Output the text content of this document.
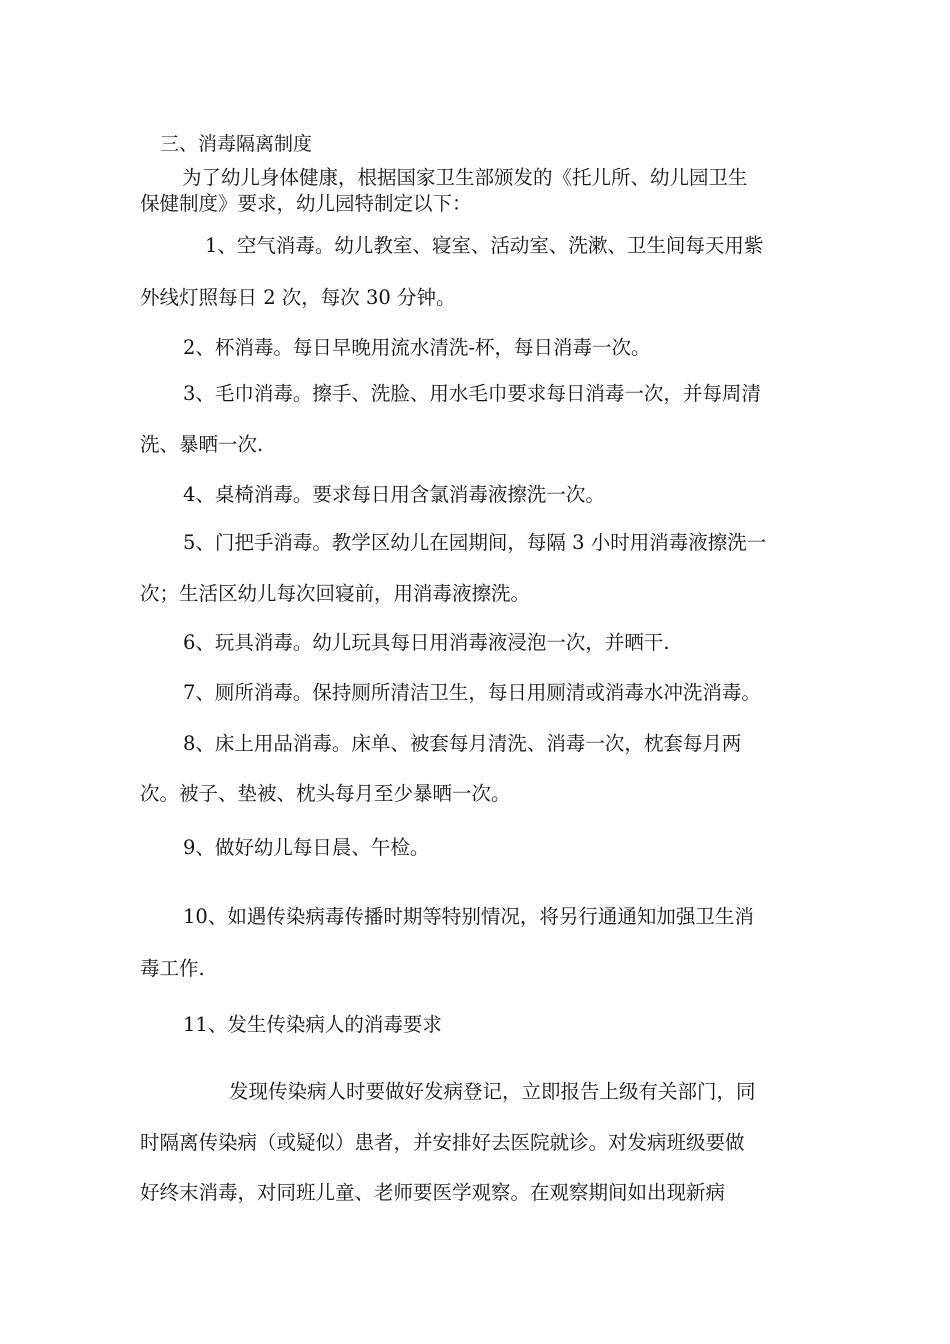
三、消毒隔离制度

为了幼儿身体健康，根据国家卫生部颁发的《托儿所、幼儿园卫生

保健制度》要求，幼儿园特制定以下：

1、空气消毒。幼儿教室、寝室、活动室、洗漱、卫生间每天用紫

外线灯照每日 2 次，每次 30 分钟。

2、杯消毒。每日早晚用流水清洗-杯，每日消毒一次。

3、毛巾消毒。擦手、洗脸、用水毛巾要求每日消毒一次，并每周清

洗、暴晒一次.

4、桌椅消毒。要求每日用含氯消毒液擦洗一次。

5、门把手消毒。教学区幼儿在园期间，每隔 3 小时用消毒液擦洗一

次；生活区幼儿每次回寝前，用消毒液擦洗。

6、玩具消毒。幼儿玩具每日用消毒液浸泡一次，并晒干.

7、厕所消毒。保持厕所清洁卫生，每日用厕清或消毒水冲洗消毒。

8、床上用品消毒。床单、被套每月清洗、消毒一次，枕套每月两

次。被子、垫被、枕头每月至少暴晒一次。

9、做好幼儿每日晨、午检。

10、如遇传染病毒传播时期等特别情况，将另行通通知加强卫生消

毒工作.

11、发生传染病人的消毒要求

发现传染病人时要做好发病登记，立即报告上级有关部门，同

时隔离传染病（或疑似）患者，并安排好去医院就诊。对发病班级要做

好终末消毒，对同班儿童、老师要医学观察。在观察期间如出现新病
